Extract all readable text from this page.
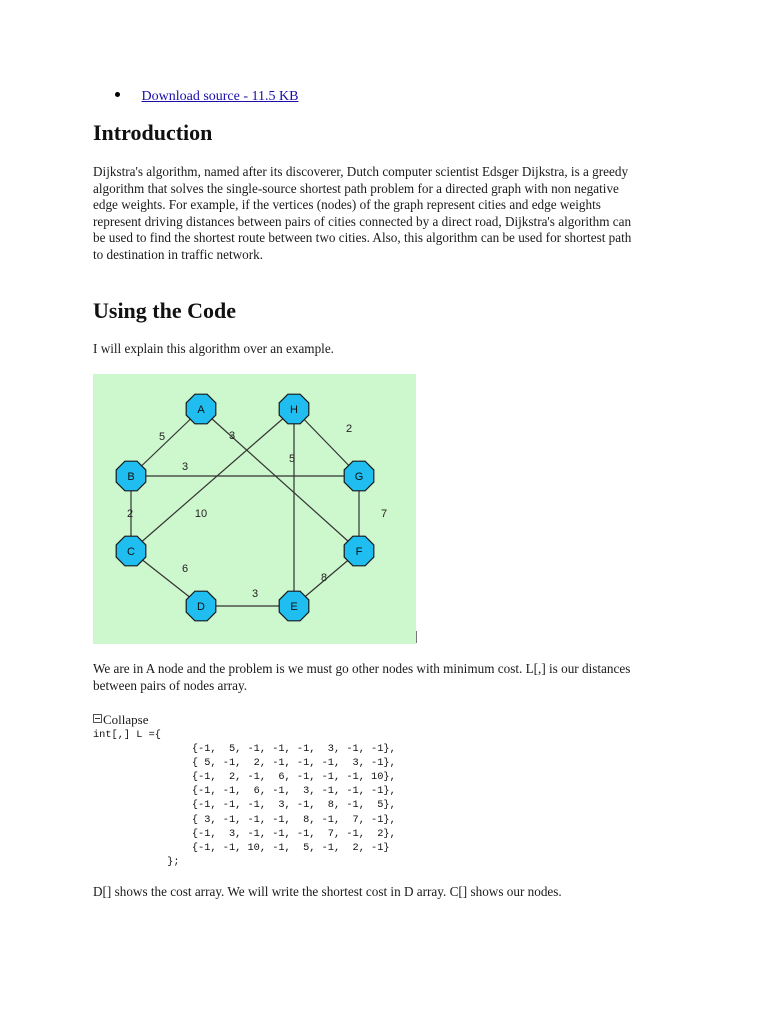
Download source - 11.5 KB
Introduction

Dijkstra's algorithm, named after its discoverer, Dutch computer scientist Edsger Dijkstra, is a greedy algorithm that solves the single-source shortest path problem for a directed graph with non negative edge weights. For example, if the vertices (nodes) of the graph represent cities and edge weights represent driving distances between pairs of cities connected by a direct road, Dijkstra's algorithm can be used to find the shortest route between two cities. Also, this algorithm can be used for shortest path to destination in traffic network.

Using the Code

I will explain this algorithm over an example.

5	3
2
5
10
3
2	7
6
3
8
A	H
B	G
C	F
D	E

We are in A node and the problem is we must go other nodes with minimum cost. L[,] is our distances between pairs of nodes array.

Collapse
int[,] L ={
{-1,  5, -1, -1, -1,  3, -1, -1},
{ 5, -1,  2, -1, -1, -1,  3, -1},
{-1,  2, -1,  6, -1, -1, -1, 10},
{-1, -1,  6, -1,  3, -1, -1, -1},
{-1, -1, -1,  3, -1,  8, -1,  5},
{ 3, -1, -1, -1,  8, -1,  7, -1},
{-1,  3, -1, -1, -1,  7, -1,  2},
{-1, -1, 10, -1,  5, -1,  2, -1}
};

D[] shows the cost array. We will write the shortest cost in D array. C[] shows our nodes.
